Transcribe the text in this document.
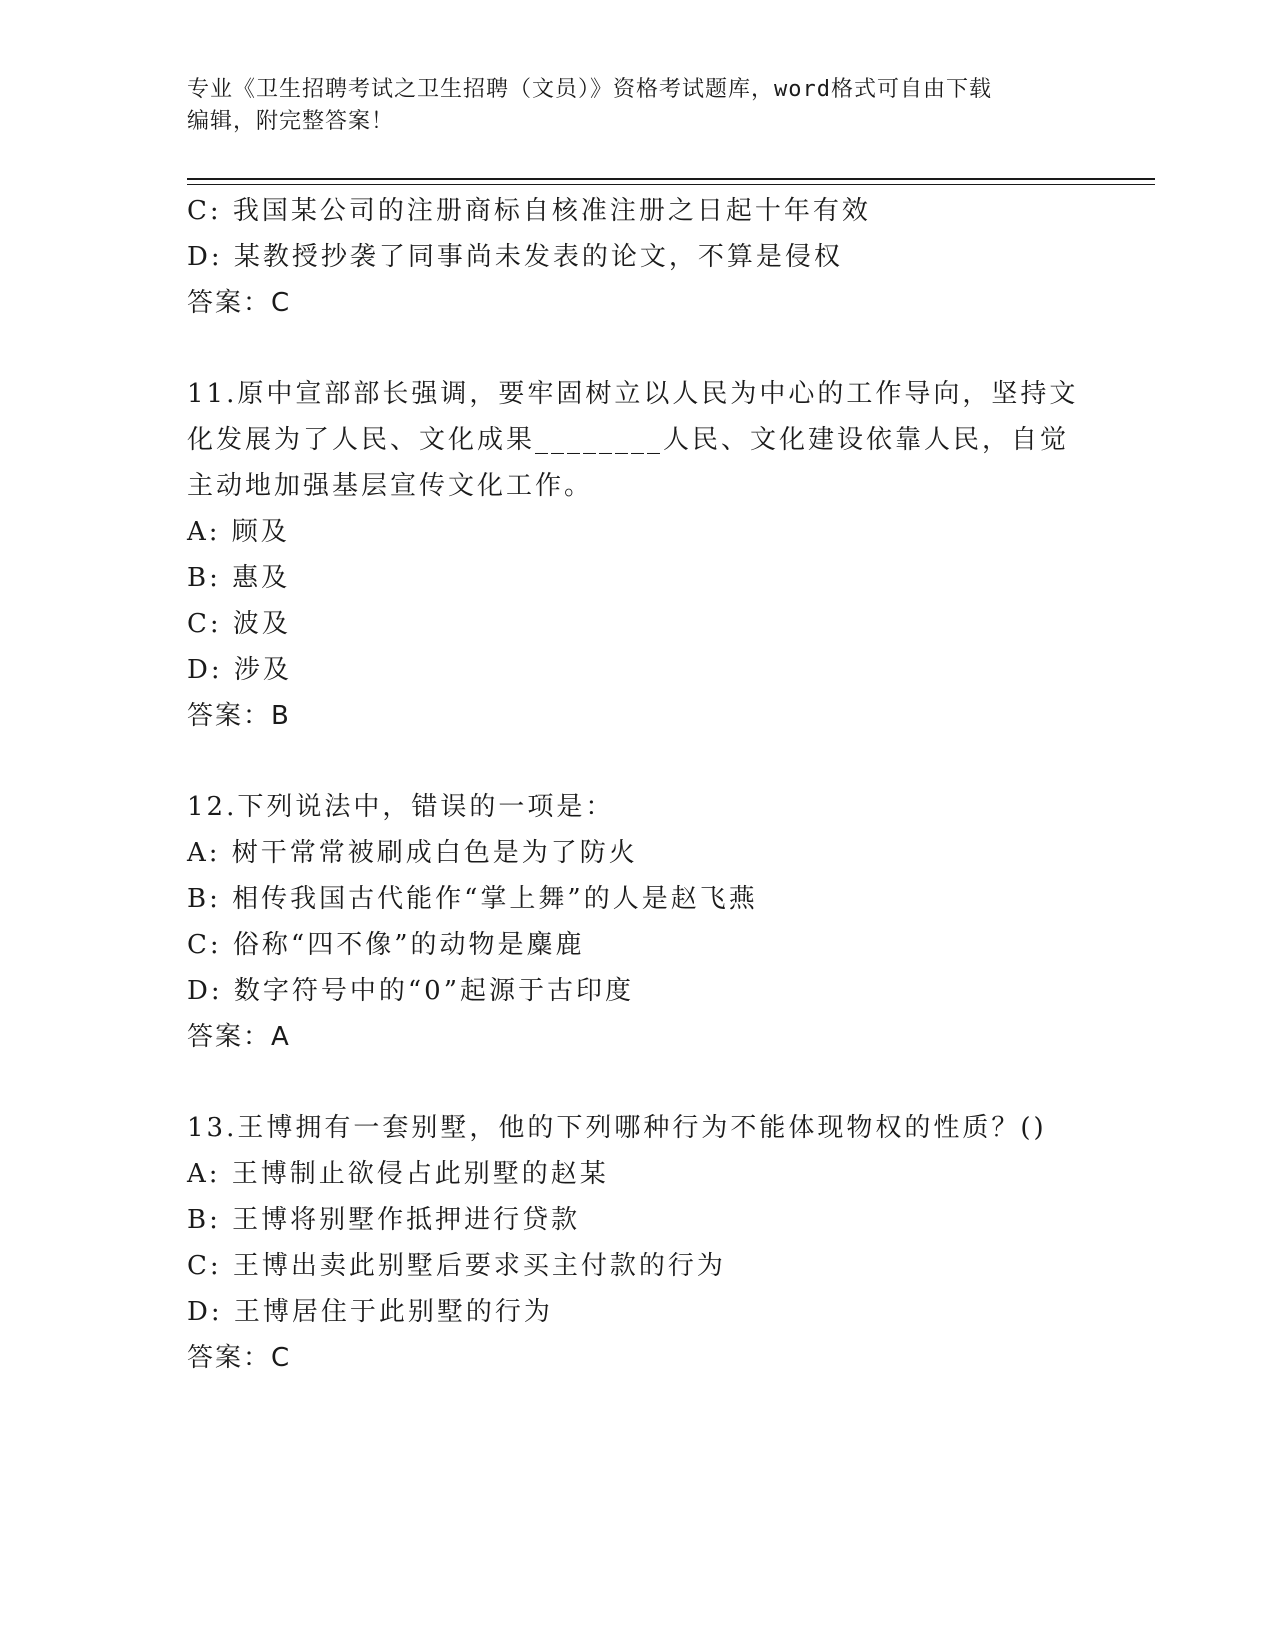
专业《卫生招聘考试之卫生招聘（文员）》资格考试题库，word格式可自由下载
编辑，附完整答案！
C: 我国某公司的注册商标自核准注册之日起十年有效
D: 某教授抄袭了同事尚未发表的论文，不算是侵权
答案：C
11.原中宣部部长强调，要牢固树立以人民为中心的工作导向，坚持文
化发展为了人民、文化成果________人民、文化建设依靠人民，自觉
主动地加强基层宣传文化工作。
A: 顾及
B: 惠及
C: 波及
D: 涉及
答案：B
12.下列说法中，错误的一项是：
A: 树干常常被刷成白色是为了防火
B: 相传我国古代能作“掌上舞”的人是赵飞燕
C: 俗称“四不像”的动物是麋鹿
D: 数字符号中的“0”起源于古印度
答案：A
13.王博拥有一套别墅，他的下列哪种行为不能体现物权的性质？()
A: 王博制止欲侵占此别墅的赵某
B: 王博将别墅作抵押进行贷款
C: 王博出卖此别墅后要求买主付款的行为
D: 王博居住于此别墅的行为
答案：C
